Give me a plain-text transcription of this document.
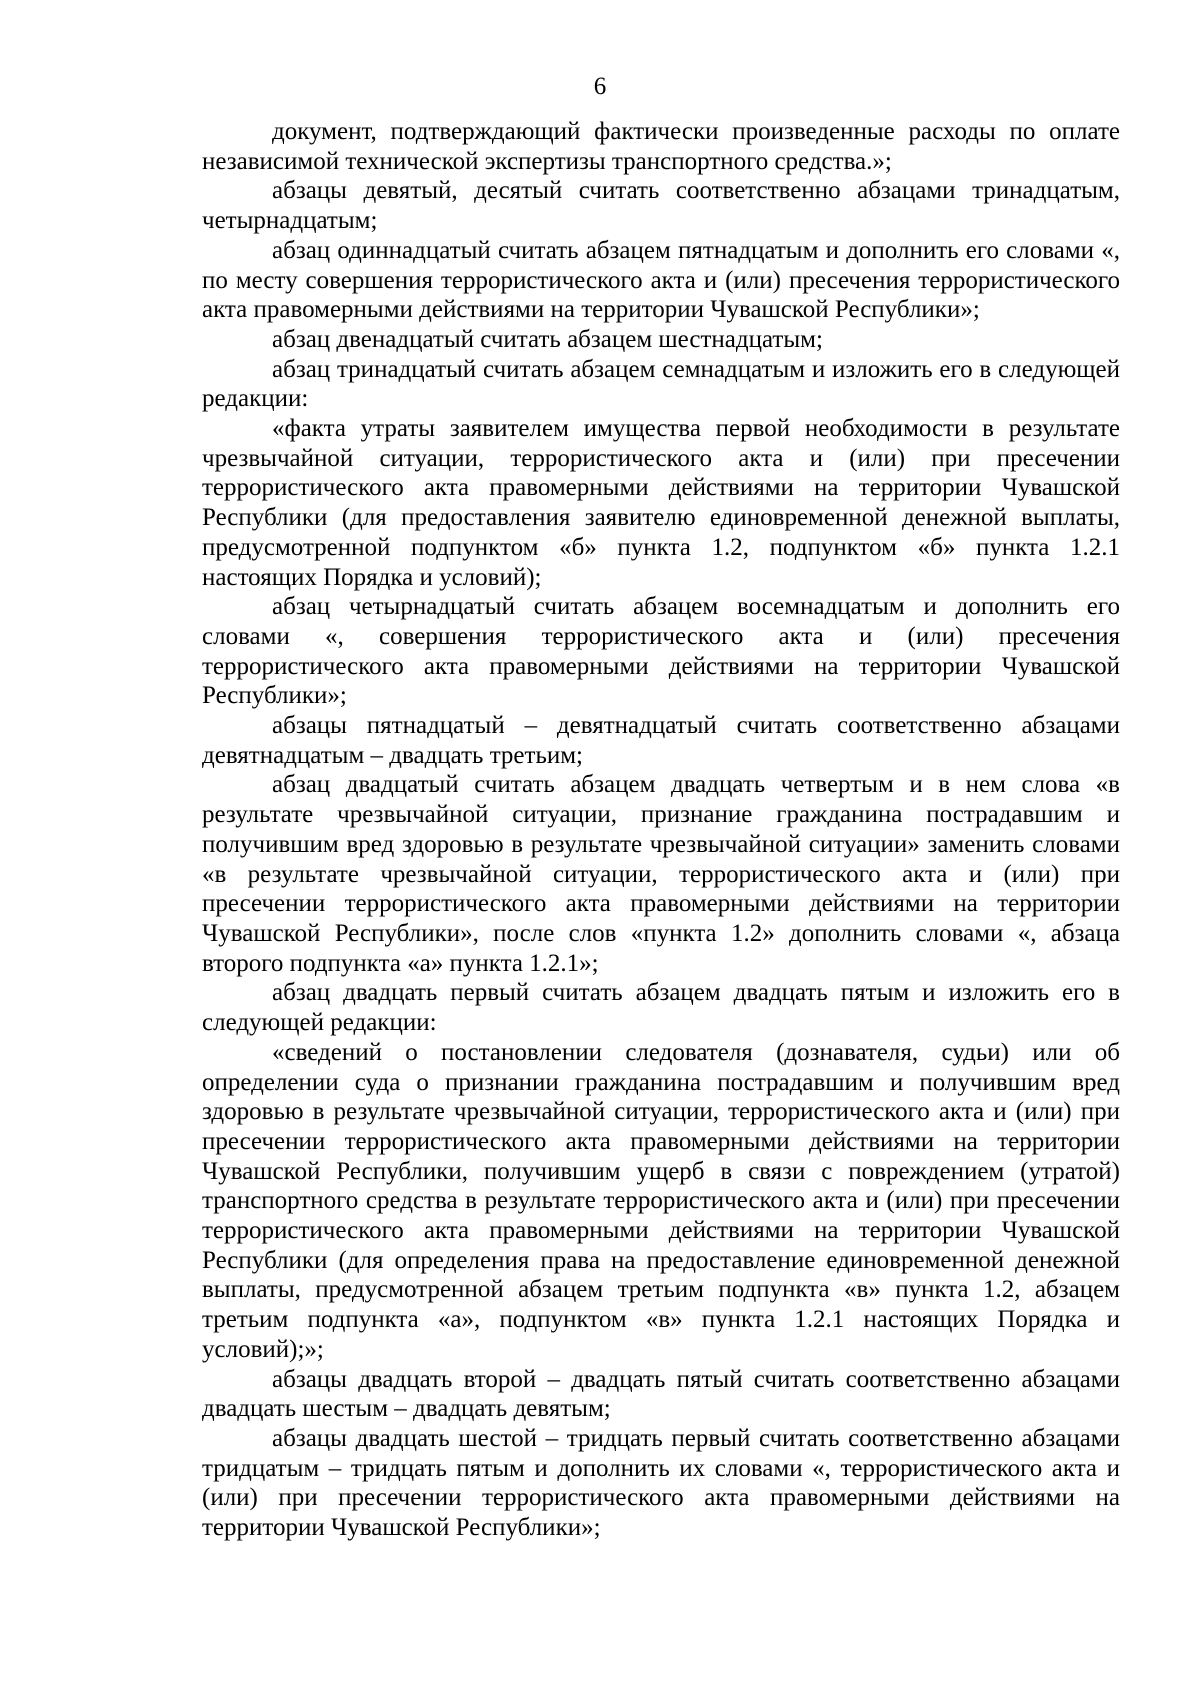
6

документ, подтверждающий фактически произведенные расходы по оплате независимой технической экспертизы транспортного средства.»;

абзацы девятый, десятый считать соответственно абзацами тринадцатым, четырнадцатым;

абзац одиннадцатый считать абзацем пятнадцатым и дополнить его словами «, по месту совершения террористического акта и (или) пресечения террористического акта правомерными действиями на территории Чувашской Республики»;

абзац двенадцатый считать абзацем шестнадцатым;

абзац тринадцатый считать абзацем семнадцатым и изложить его в следующей редакции:

«факта утраты заявителем имущества первой необходимости в результате чрезвычайной ситуации, террористического акта и (или) при пресечении террористического акта правомерными действиями на территории Чувашской Республики (для предоставления заявителю единовременной денежной выплаты, предусмотренной подпунктом «б» пункта 1.2, подпунктом «б» пункта 1.2.1 настоящих Порядка и условий);

абзац четырнадцатый считать абзацем восемнадцатым и дополнить его словами «, совершения террористического акта и (или) пресечения террористического акта правомерными действиями на территории Чувашской Республики»;

абзацы пятнадцатый – девятнадцатый считать соответственно абзацами девятнадцатым – двадцать третьим;

абзац двадцатый считать абзацем двадцать четвертым и в нем слова «в результате чрезвычайной ситуации, признание гражданина пострадавшим и получившим вред здоровью в результате чрезвычайной ситуации» заменить словами «в результате чрезвычайной ситуации, террористического акта и (или) при пресечении террористического акта правомерными действиями на территории Чувашской Республики», после слов «пункта 1.2» дополнить словами «, абзаца второго подпункта «а» пункта 1.2.1»;

абзац двадцать первый считать абзацем двадцать пятым и изложить его в следующей редакции:

«сведений о постановлении следователя (дознавателя, судьи) или об определении суда о признании гражданина пострадавшим и получившим вред здоровью в результате чрезвычайной ситуации, террористического акта и (или) при пресечении террористического акта правомерными действиями на территории Чувашской Республики, получившим ущерб в связи с повреждением (утратой) транспортного средства в результате террористического акта и (или) при пресечении террористического акта правомерными действиями на территории Чувашской Республики (для определения права на предоставление единовременной денежной выплаты, предусмотренной абзацем третьим подпункта «в» пункта 1.2, абзацем третьим подпункта «а», подпунктом «в» пункта 1.2.1 настоящих Порядка и условий);»;

абзацы двадцать второй – двадцать пятый считать соответственно абзацами двадцать шестым – двадцать девятым;

абзацы двадцать шестой – тридцать первый считать соответственно абзацами тридцатым – тридцать пятым и дополнить их словами «, террористического акта и (или) при пресечении террористического акта правомерными действиями на территории Чувашской Республики»;
